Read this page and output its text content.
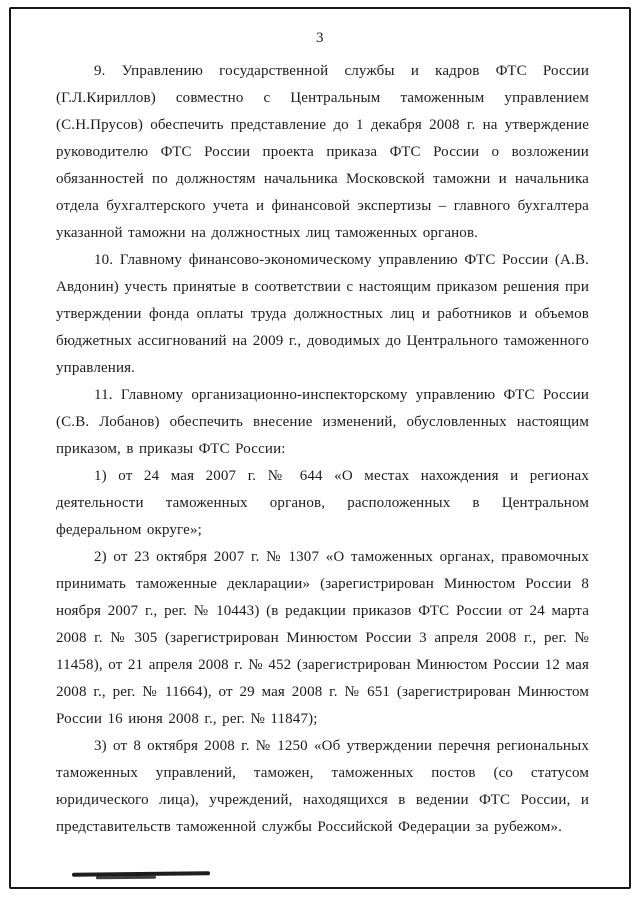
3

9. Управлению государственной службы и кадров ФТС России (Г.Л.Кириллов) совместно с Центральным таможенным управлением (С.Н.Прусов) обеспечить представление до 1 декабря 2008 г. на утверждение руководителю ФТС России проекта приказа ФТС России о возложении обязанностей по должностям начальника Московской таможни и начальника отдела бухгалтерского учета и финансовой экспертизы – главного бухгалтера указанной таможни на должностных лиц таможенных органов.

10. Главному финансово-экономическому управлению ФТС России (А.В. Авдонин) учесть принятые в соответствии с настоящим приказом решения при утверждении фонда оплаты труда должностных лиц и работников и объемов бюджетных ассигнований на 2009 г., доводимых до Центрального таможенного управления.

11. Главному организационно-инспекторскому управлению ФТС России (С.В. Лобанов) обеспечить внесение изменений, обусловленных настоящим приказом, в приказы ФТС России:

1) от 24 мая 2007 г. № 644 «О местах нахождения и регионах деятельности таможенных органов, расположенных в Центральном федеральном округе»;

2) от 23 октября 2007 г. № 1307 «О таможенных органах, правомочных принимать таможенные декларации» (зарегистрирован Минюстом России 8 ноября 2007 г., рег. № 10443) (в редакции приказов ФТС России от 24 марта 2008 г. № 305 (зарегистрирован Минюстом России 3 апреля 2008 г., рег. № 11458), от 21 апреля 2008 г. № 452 (зарегистрирован Минюстом России 12 мая 2008 г., рег. № 11664), от 29 мая 2008 г. № 651 (зарегистрирован Минюстом России 16 июня 2008 г., рег. № 11847);

3) от 8 октября 2008 г. № 1250 «Об утверждении перечня региональных таможенных управлений, таможен, таможенных постов (со статусом юридического лица), учреждений, находящихся в ведении ФТС России, и представительств таможенной службы Российской Федерации за рубежом».
